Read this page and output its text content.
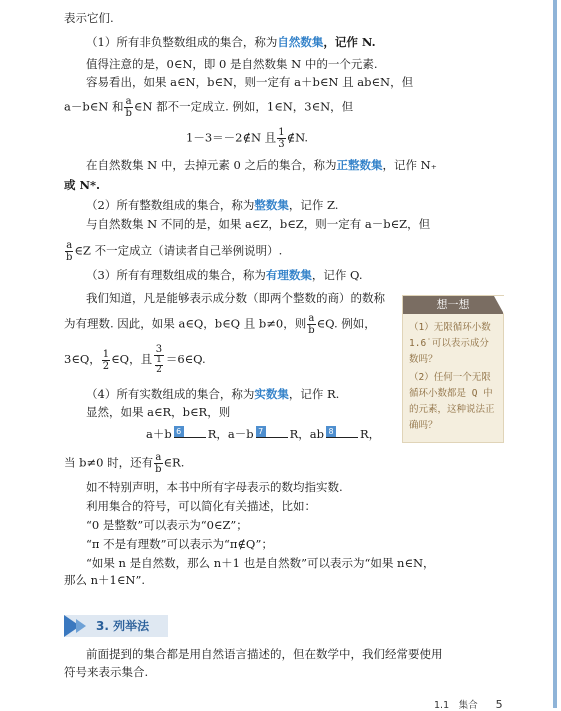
表示它们.
（1）所有非负整数组成的集合，称为自然数集，记作 N.
值得注意的是，0∈N，即 0 是自然数集 N 中的一个元素.
容易看出，如果 a∈N，b∈N，则一定有 a＋b∈N 且 ab∈N，但
a－b∈N 和 $\frac{a}{b}$ ∈N 都不一定成立. 例如，1∈N，3∈N，但
1－3＝－2∉N 且 $\frac{1}{3}$ ∉N.
在自然数集 N 中，去掉元素 0 之后的集合，称为正整数集，记作 N₊
或 N*.
（2）所有整数组成的集合，称为整数集，记作 Z.
与自然数集 N 不同的是，如果 a∈Z，b∈Z，则一定有 a－b∈Z，但
$\frac{a}{b}$ ∈Z 不一定成立（请读者自己举例说明）.
（3）所有有理数组成的集合，称为有理数集，记作 Q.
我们知道，凡是能够表示成分数（即两个整数的商）的数称
为有理数. 因此，如果 a∈Q，b∈Q 且 b≠0，则 $\frac{a}{b}$ ∈Q. 例如，
3∈Q， $\frac{1}{2}$ ∈Q，且 $\frac{3}{\frac{1}{2}}$ ＝6∈Q.
（4）所有实数组成的集合，称为实数集，记作 R.
显然，如果 a∈R，b∈R，则
a＋b 6 R，a－b 7 R，ab 8 R，
当 b≠0 时，还有 $\frac{a}{b}$ ∈R.
如不特别声明，本书中所有字母表示的数均指实数.
利用集合的符号，可以简化有关描述，比如：
“0 是整数”可以表示为“0∈Z”；
“π 不是有理数”可以表示为“π∉Q”；
“如果 n 是自然数，那么 n＋1 也是自然数”可以表示为“如果 n∈N，
那么 n＋1∈N”.
想一想

（1）无限循环小数 1.6̇ 可以表示成分数吗？

（2）任何一个无限循环小数都是 Q 中的元素，这种说法正确吗？

3. 列举法
前面提到的集合都是用自然语言描述的，但在数学中，我们经常要使用
符号来表示集合.
1.1　集合 5
